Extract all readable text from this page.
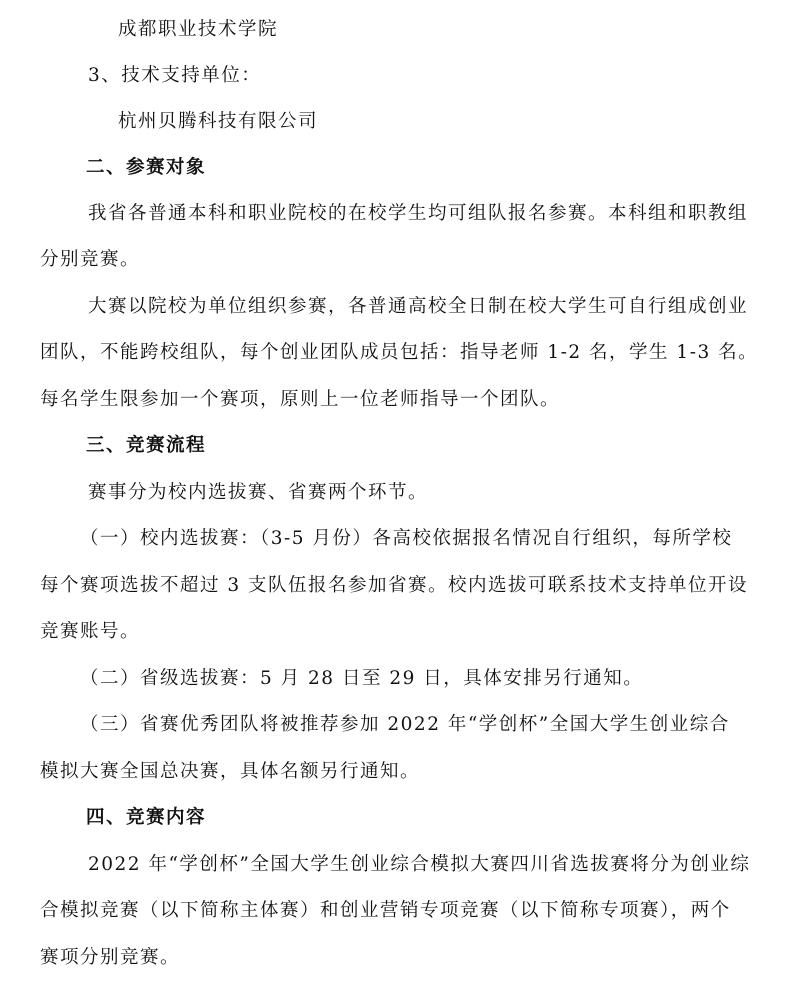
成都职业技术学院
3、技术支持单位：
杭州贝腾科技有限公司
二、参赛对象
我省各普通本科和职业院校的在校学生均可组队报名参赛。本科组和职教组
分别竞赛。
大赛以院校为单位组织参赛，各普通高校全日制在校大学生可自行组成创业
团队，不能跨校组队，每个创业团队成员包括：指导老师 1-2 名，学生 1-3 名。
每名学生限参加一个赛项，原则上一位老师指导一个团队。
三、竞赛流程
赛事分为校内选拔赛、省赛两个环节。
（一）校内选拔赛：（3-5 月份）各高校依据报名情况自行组织，每所学校
每个赛项选拔不超过 3 支队伍报名参加省赛。校内选拔可联系技术支持单位开设
竞赛账号。
（二）省级选拔赛：5 月 28 日至 29 日，具体安排另行通知。
（三）省赛优秀团队将被推荐参加 2022 年“学创杯”全国大学生创业综合
模拟大赛全国总决赛，具体名额另行通知。
四、竞赛内容
2022 年“学创杯”全国大学生创业综合模拟大赛四川省选拔赛将分为创业综
合模拟竞赛（以下简称主体赛）和创业营销专项竞赛（以下简称专项赛），两个
赛项分别竞赛。
